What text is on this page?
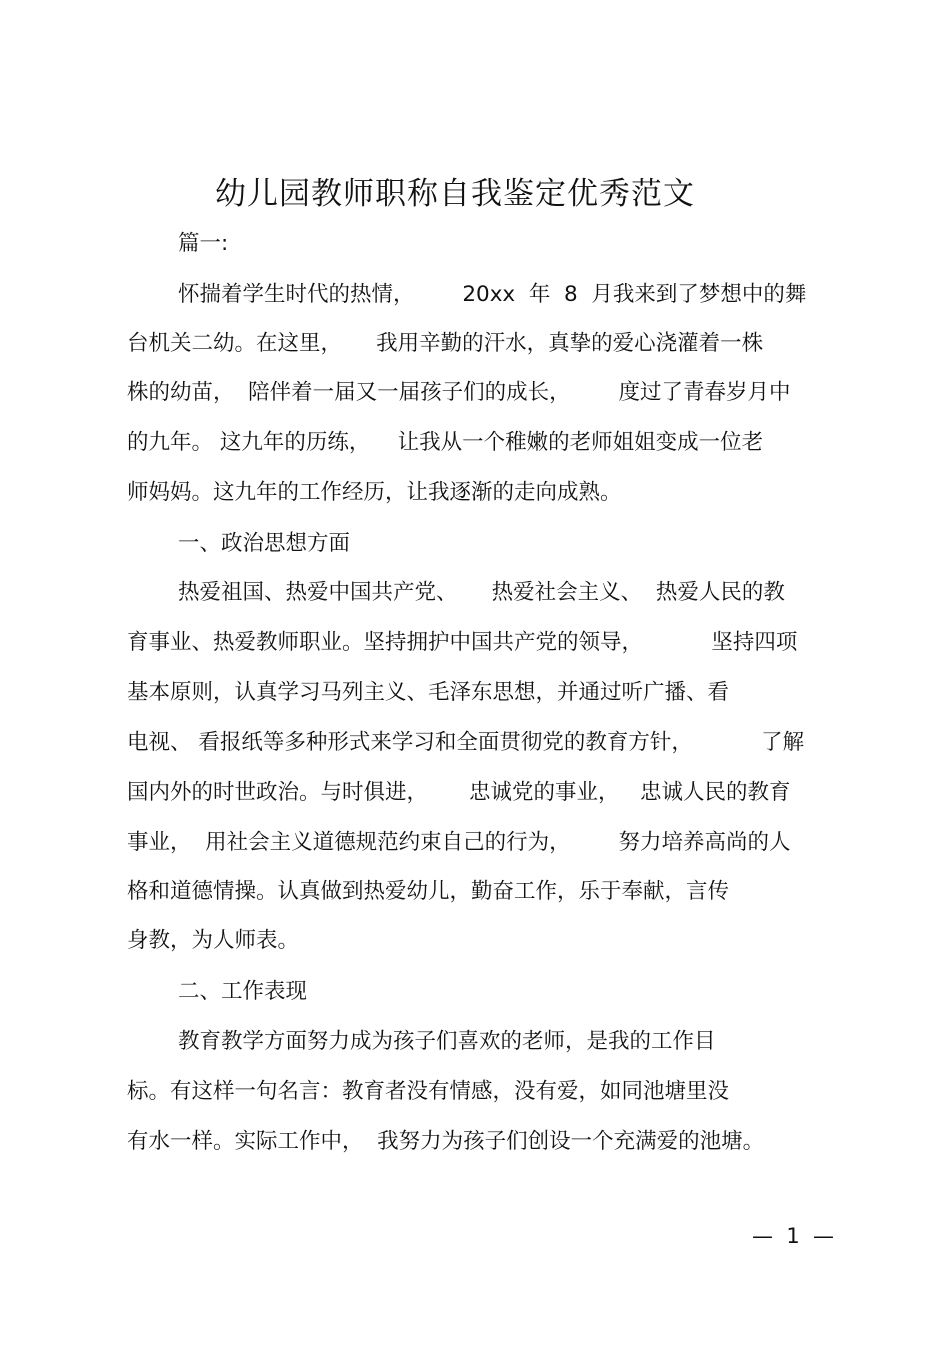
幼儿园教师职称自我鉴定优秀范文
篇一:
怀揣着学生时代的热情，       20xx  年  8  月我来到了梦想中的舞
台机关二幼。在这里，     我用辛勤的汗水，真挚的爱心浇灌着一株
株的幼苗，  陪伴着一届又一届孩子们的成长，       度过了青春岁月中
的九年。 这九年的历练，    让我从一个稚嫩的老师姐姐变成一位老
师妈妈。这九年的工作经历，让我逐渐的走向成熟。
一、政治思想方面
热爱祖国、热爱中国共产党、     热爱社会主义、  热爱人民的教
育事业、热爱教师职业。坚持拥护中国共产党的领导，          坚持四项
基本原则，认真学习马列主义、毛泽东思想，并通过听广播、看
电视、 看报纸等多种形式来学习和全面贯彻党的教育方针，          了解
国内外的时世政治。与时俱进，      忠诚党的事业，   忠诚人民的教育
事业，  用社会主义道德规范约束自己的行为，       努力培养高尚的人
格和道德情操。认真做到热爱幼儿，勤奋工作，乐于奉献，言传
身教，为人师表。
二、工作表现
教育教学方面努力成为孩子们喜欢的老师，是我的工作目
标。有这样一句名言：教育者没有情感，没有爱，如同池塘里没
有水一样。实际工作中，  我努力为孩子们创设一个充满爱的池塘。
—  1  —
